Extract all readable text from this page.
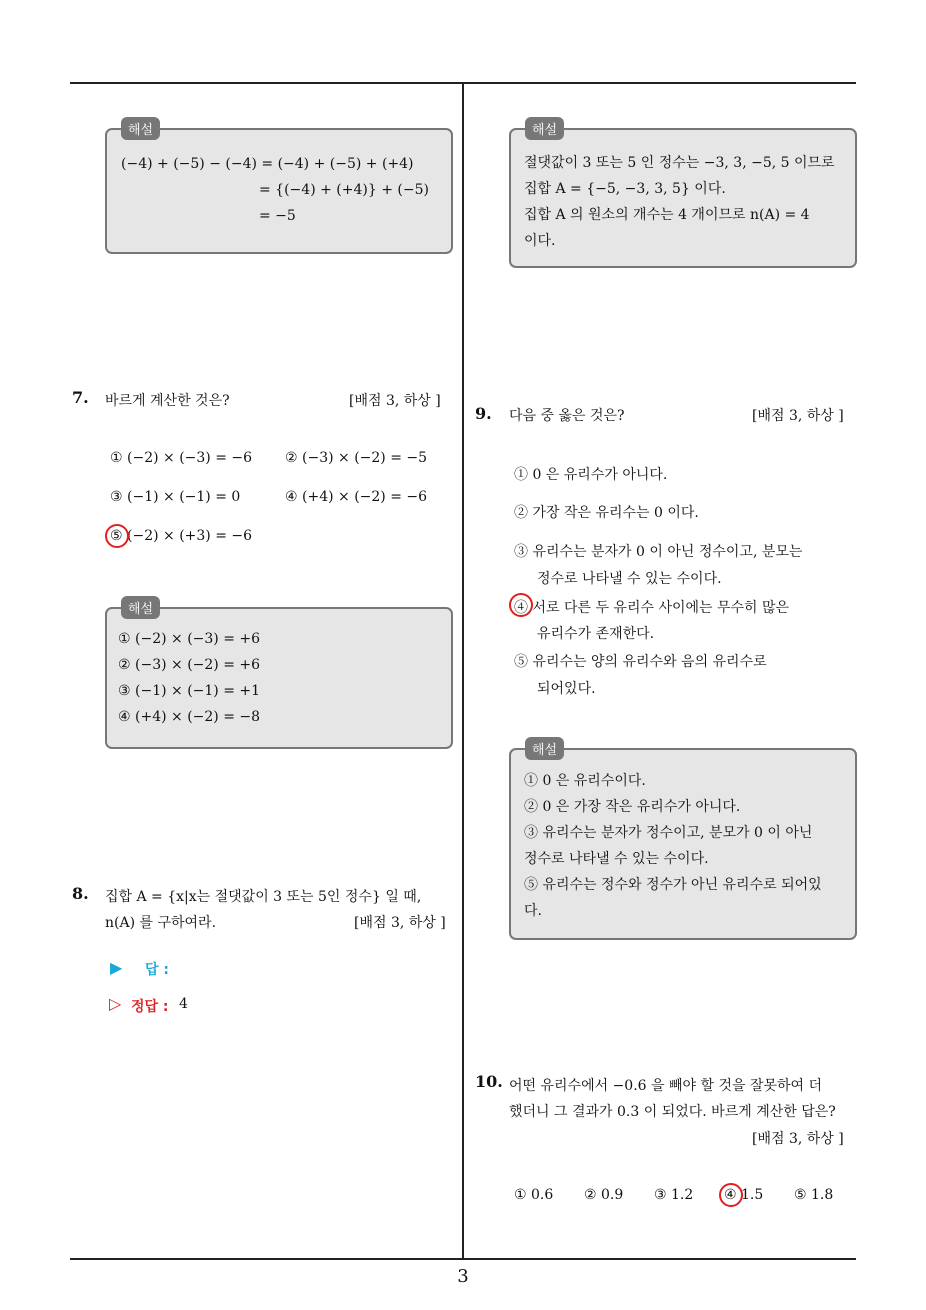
해설
(−4) + (−5) − (−4) = (−4) + (−5) + (+4)
= {(−4) + (+4)} + (−5)
= −5
7. 바르게 계산한 것은?	[배점 3, 하상 ]
① (−2) × (−3) = −6 ② (−3) × (−2) = −5
③ (−1) × (−1) = 0	④ (+4) × (−2) = −6
⑤ (−2) × (+3) = −6
해설
① (−2) × (−3) = +6
② (−3) × (−2) = +6
③ (−1) × (−1) = +1
④ (+4) × (−2) = −8
8. 집합 A = {x|x는 절댓값이 3 또는 5인 정수} 일 때,
n(A) 를 구하여라.	[배점 3, 하상 ]
▶ 답 :
▷ 정답 : 4
해설
절댓값이 3 또는 5 인 정수는 −3, 3, −5, 5 이므로
집합 A = {−5, −3, 3, 5} 이다.
집합 A 의 원소의 개수는 4 개이므로 n(A) = 4
이다.
9. 다음 중 옳은 것은?	[배점 3, 하상 ]
① 0 은 유리수가 아니다.
② 가장 작은 유리수는 0 이다.
③ 유리수는 분자가 0 이 아닌 정수이고, 분모는
정수로 나타낼 수 있는 수이다.
④ 서로 다른 두 유리수 사이에는 무수히 많은
유리수가 존재한다.
⑤ 유리수는 양의 유리수와 음의 유리수로
되어있다.
해설
① 0 은 유리수이다.
② 0 은 가장 작은 유리수가 아니다.
③ 유리수는 분자가 정수이고, 분모가 0 이 아닌
정수로 나타낼 수 있는 수이다.
⑤ 유리수는 정수와 정수가 아닌 유리수로 되어있
다.
10. 어떤 유리수에서 −0.6 을 빼야 할 것을 잘못하여 더
했더니 그 결과가 0.3 이 되었다. 바르게 계산한 답은?
[배점 3, 하상 ]
① 0.6 ② 0.9 ③ 1.2 ④ 1.5 ⑤ 1.8
3
